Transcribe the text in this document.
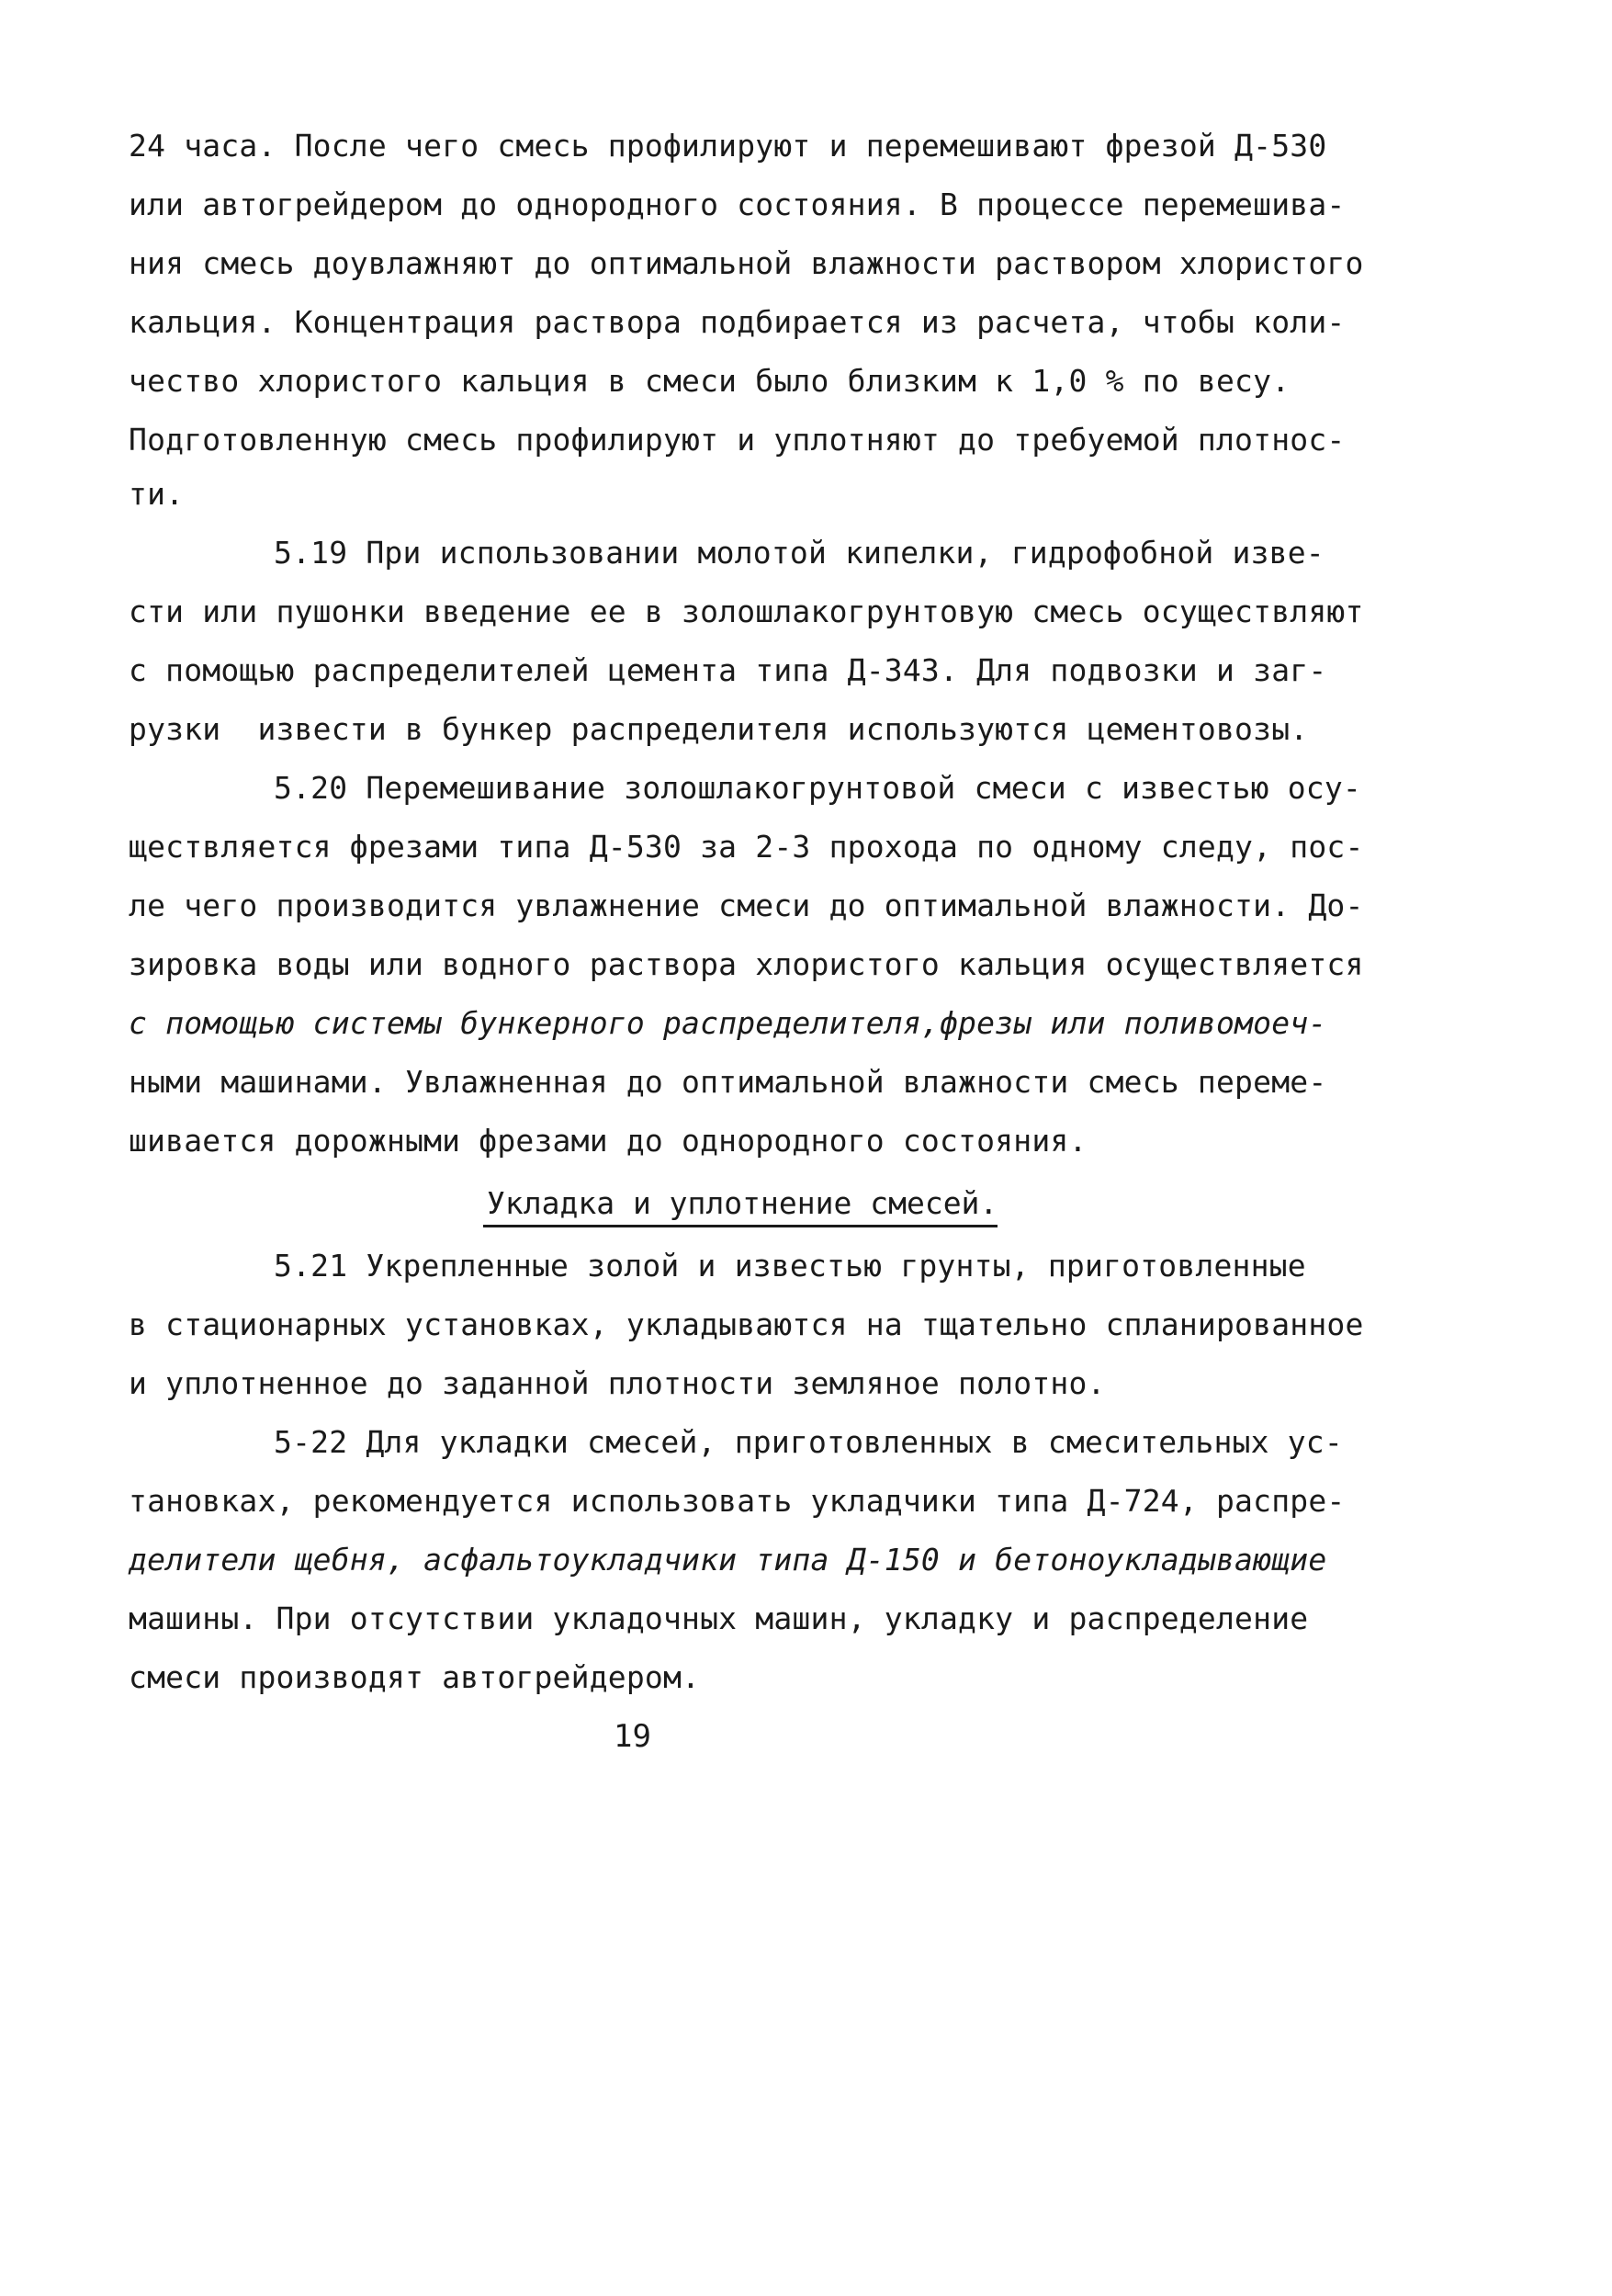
24 чаcа. После чего смесь профилируют и перемешивают фрезой Д-530
или автогрейдером до однородного состояния. В процессе перемешива-
ния смесь доувлажняют до оптимальной влажности раствором хлористого
кальция. Концентрация раствора подбирается из расчета, чтобы коли-
чество хлористого кальция в смеси было близким к 1,0 % по весу.
Подготовленную смесь профилируют и уплотняют до требуемой плотнос-
ти.
5.19 При использовании молотой кипелки, гидрофобной изве-
сти или пушонки введение ее в золошлакогрунтовую смесь осуществляют
с помощью распределителей цемента типа Д-343. Для подвозки и заг-
рузки  извести в бункер распределителя используются цементовозы.
5.20 Перемешивание золошлакогрунтовой смеси с известью осу-
ществляется фрезами типа Д-530 за 2-3 прохода по одному следу, пос-
ле чего производится увлажнение смеси до оптимальной влажности. До-
зировка воды или водного раствора хлористого кальция осуществляется
с помощью системы бункерного распределителя,фрезы или поливомоеч-
ными машинами. Увлажненная до оптимальной влажности смесь переме-
шивается дорожными фрезами до однородного состояния.
Укладка и уплотнение смесей.
5.21 Укрепленные золой и известью грунты, приготовленные
в стационарных установках, укладываются на тщательно спланированное
и уплотненное до заданной плотности земляное полотно.
5-22 Для укладки смесей, приготовленных в смесительных ус-
тановках, рекомендуется использовать укладчики типа Д-724, распре-
делители щебня, асфальтоукладчики типа Д-150 и бетоноукладывающие
машины. При отсутствии укладочных машин, укладку и распределение
смеси производят автогрейдером.
19
